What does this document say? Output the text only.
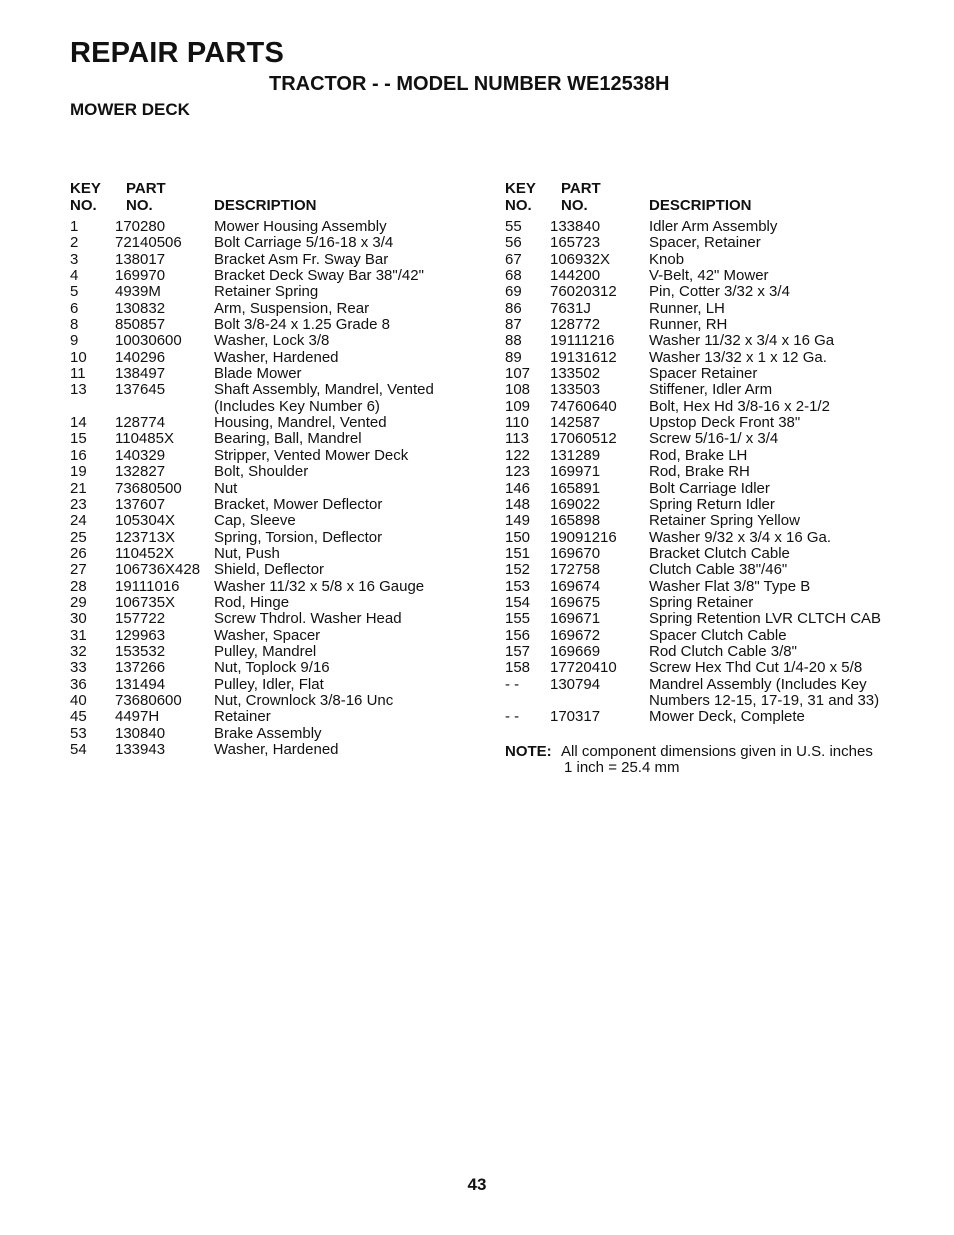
REPAIR PARTS
TRACTOR - - MODEL NUMBER WE12538H
MOWER DECK
KEY
NO.
PART
NO.
	DESCRIPTION
1	170280	Mower Housing Assembly
2	72140506	Bolt Carriage 5/16-18 x 3/4
3	138017	Bracket Asm Fr. Sway Bar
4	169970	Bracket Deck Sway Bar 38"/42"
5	4939M	Retainer Spring
6	130832	Arm, Suspension, Rear
8	850857	Bolt 3/8-24 x 1.25 Grade 8
9	10030600	Washer, Lock 3/8
10	140296	Washer, Hardened
11	138497	Blade Mower
13	137645	Shaft Assembly, Mandrel, Vented
(Includes Key Number 6)
14	128774	Housing, Mandrel, Vented
15	110485X	Bearing, Ball, Mandrel
16	140329	Stripper, Vented Mower Deck
19	132827	Bolt, Shoulder
21	73680500	Nut
23	137607	Bracket, Mower Deflector
24	105304X	Cap, Sleeve
25	123713X	Spring, Torsion, Deflector
26	110452X	Nut, Push
27	106736X428 Shield, Deflector
28	19111016	Washer 11/32 x 5/8 x 16 Gauge
29	106735X	Rod, Hinge
30	157722	Screw Thdrol. Washer Head
31	129963	Washer, Spacer
32	153532	Pulley, Mandrel
33	137266	Nut, Toplock 9/16
36	131494	Pulley, Idler, Flat
40	73680600	Nut, Crownlock 3/8-16 Unc
45	4497H	Retainer
53	130840	Brake Assembly
54	133943	Washer, Hardened
KEY
NO.
PART
NO.
	DESCRIPTION
55	133840	Idler Arm Assembly
56	165723	Spacer, Retainer
67	106932X	Knob
68	144200	V-Belt, 42" Mower
69	76020312	Pin, Cotter 3/32 x 3/4
86	7631J	Runner, LH
87	128772	Runner, RH
88	19111216	Washer 11/32 x 3/4 x 16 Ga
89	19131612	Washer 13/32 x 1 x 12 Ga.
107	133502	Spacer Retainer
108	133503	Stiffener, Idler Arm
109	74760640	Bolt, Hex Hd 3/8-16 x 2-1/2
110	142587	Upstop Deck Front 38"
113	17060512	Screw 5/16-1/ x 3/4
122	131289	Rod, Brake LH
123	169971	Rod, Brake RH
146	165891	Bolt Carriage Idler
148	169022	Spring Return Idler
149	165898	Retainer Spring Yellow
150	19091216	Washer 9/32 x 3/4 x 16 Ga.
151	169670	Bracket Clutch Cable
152	172758	Clutch Cable 38"/46"
153	169674	Washer Flat 3/8" Type B
154	169675	Spring Retainer
155	169671	Spring Retention LVR CLTCH CAB
156	169672	Spacer Clutch Cable
157	169669	Rod Clutch Cable 3/8"
158	17720410	Screw Hex Thd Cut 1/4-20 x 5/8
- -	130794	Mandrel Assembly (Includes Key
Numbers 12-15, 17-19, 31 and 33)
- -	170317	Mower Deck, Complete
NOTE: All component dimensions given in U.S. inches
1 inch = 25.4 mm
43
